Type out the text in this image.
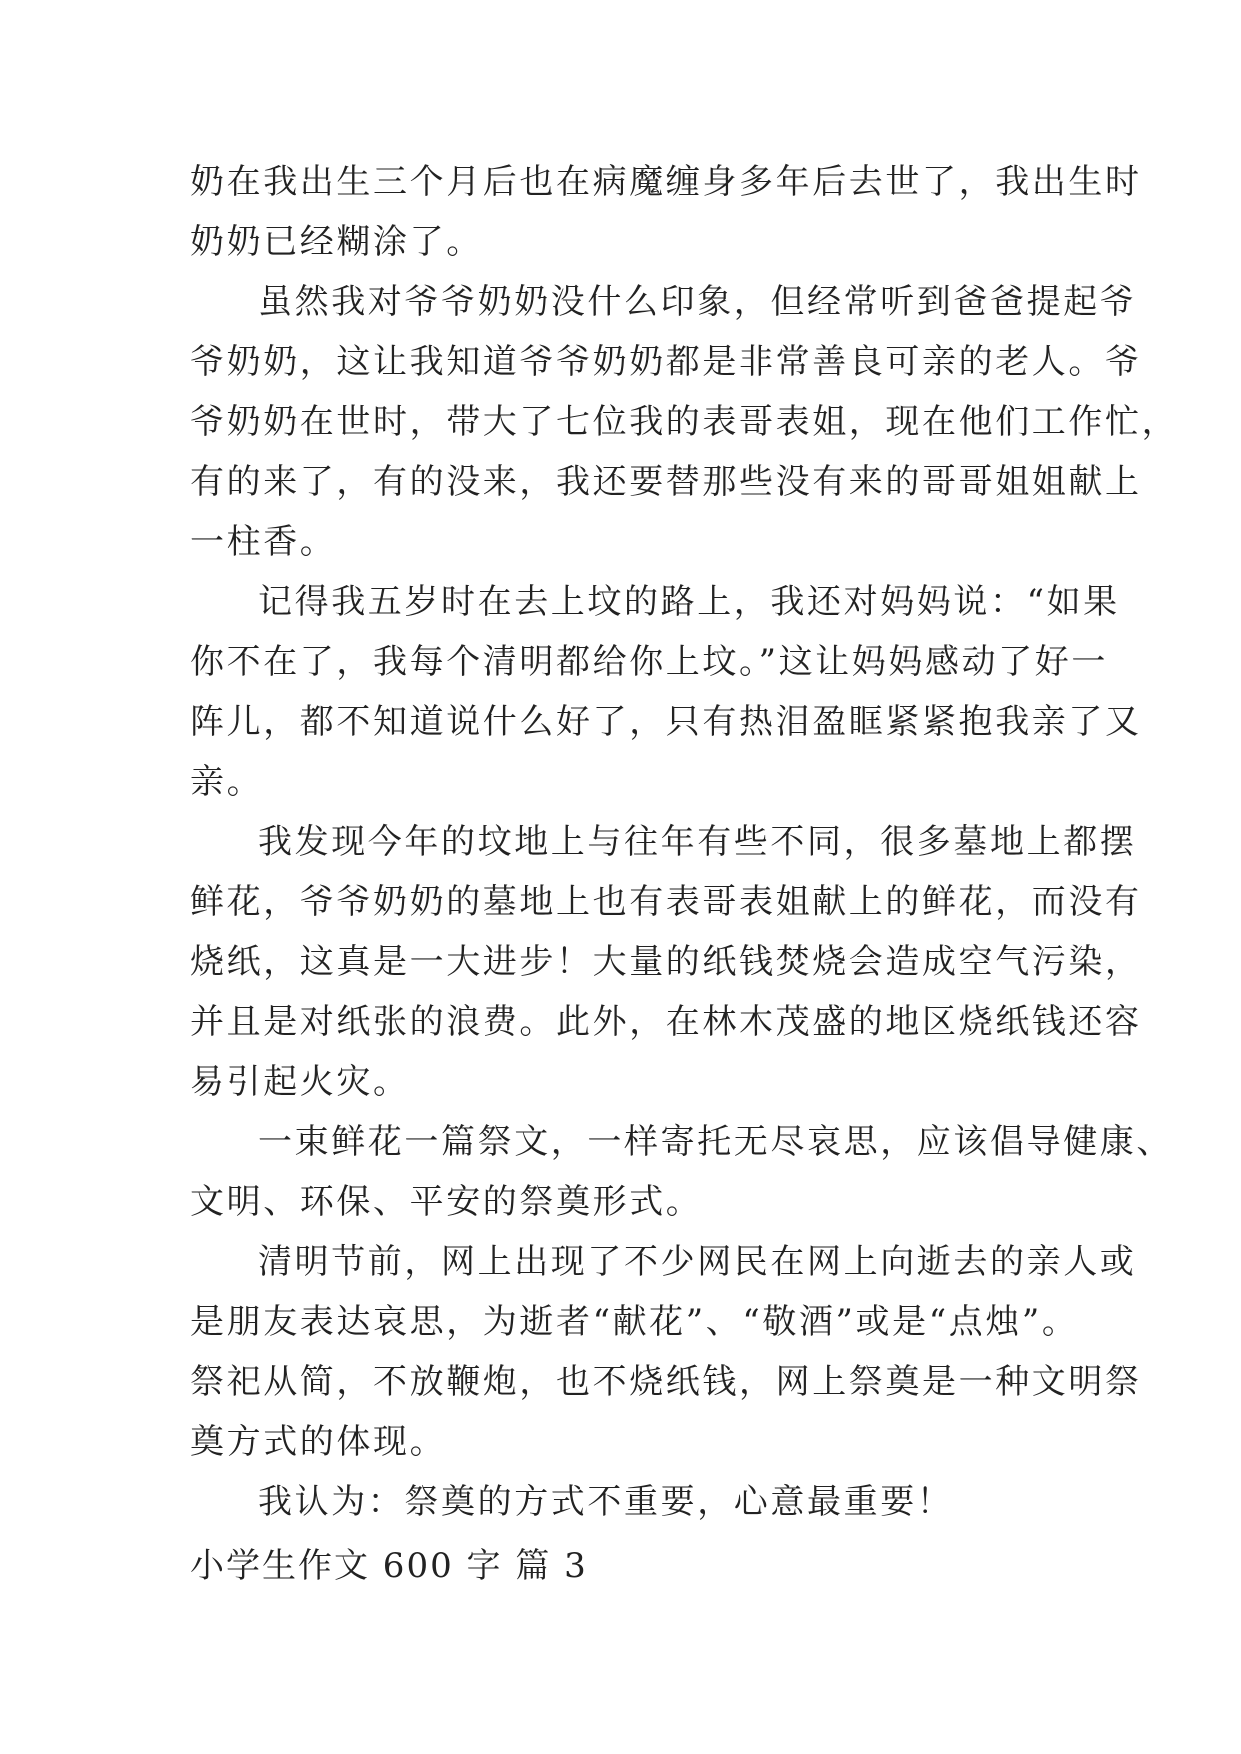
奶在我出生三个月后也在病魔缠身多年后去世了，我出生时
奶奶已经糊涂了。
虽然我对爷爷奶奶没什么印象，但经常听到爸爸提起爷
爷奶奶，这让我知道爷爷奶奶都是非常善良可亲的老人。爷
爷奶奶在世时，带大了七位我的表哥表姐，现在他们工作忙，
有的来了，有的没来，我还要替那些没有来的哥哥姐姐献上
一柱香。
记得我五岁时在去上坟的路上，我还对妈妈说：“如果
你不在了，我每个清明都给你上坟。”这让妈妈感动了好一
阵儿，都不知道说什么好了，只有热泪盈眶紧紧抱我亲了又
亲。
我发现今年的坟地上与往年有些不同，很多墓地上都摆
鲜花，爷爷奶奶的墓地上也有表哥表姐献上的鲜花，而没有
烧纸，这真是一大进步！大量的纸钱焚烧会造成空气污染，
并且是对纸张的浪费。此外，在林木茂盛的地区烧纸钱还容
易引起火灾。
一束鲜花一篇祭文，一样寄托无尽哀思，应该倡导健康、
文明、环保、平安的祭奠形式。
清明节前，网上出现了不少网民在网上向逝去的亲人或
是朋友表达哀思，为逝者“献花”、“敬酒”或是“点烛”。
祭祀从简，不放鞭炮，也不烧纸钱，网上祭奠是一种文明祭
奠方式的体现。
我认为：祭奠的方式不重要，心意最重要！
小学生作文 600 字 篇 3
